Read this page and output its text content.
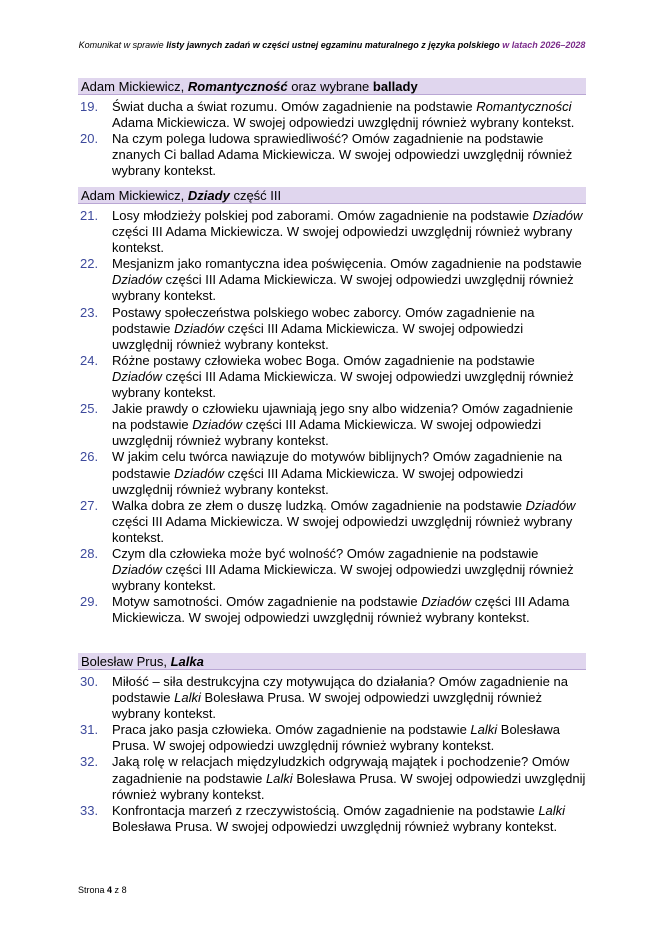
Komunikat w sprawie listy jawnych zadań w części ustnej egzaminu maturalnego z języka polskiego w latach 2026–2028
Adam Mickiewicz, Romantyczność oraz wybrane ballady
19.	Świat ducha a świat rozumu. Omów zagadnienie na podstawie Romantyczności Adama Mickiewicza. W swojej odpowiedzi uwzględnij również wybrany kontekst.
20.	Na czym polega ludowa sprawiedliwość? Omów zagadnienie na podstawie znanych Ci ballad Adama Mickiewicza. W swojej odpowiedzi uwzględnij również wybrany kontekst.
Adam Mickiewicz, Dziady część III
21.	Losy młodzieży polskiej pod zaborami. Omów zagadnienie na podstawie Dziadów części III Adama Mickiewicza. W swojej odpowiedzi uwzględnij również wybrany kontekst.
22.	Mesjanizm jako romantyczna idea poświęcenia. Omów zagadnienie na podstawie Dziadów części III Adama Mickiewicza. W swojej odpowiedzi uwzględnij również wybrany kontekst.
23.	Postawy społeczeństwa polskiego wobec zaborcy. Omów zagadnienie na podstawie Dziadów części III Adama Mickiewicza. W swojej odpowiedzi uwzględnij również wybrany kontekst.
24.	Różne postawy człowieka wobec Boga. Omów zagadnienie na podstawie Dziadów części III Adama Mickiewicza. W swojej odpowiedzi uwzględnij również wybrany kontekst.
25.	Jakie prawdy o człowieku ujawniają jego sny albo widzenia? Omów zagadnienie na podstawie Dziadów części III Adama Mickiewicza. W swojej odpowiedzi uwzględnij również wybrany kontekst.
26.	W jakim celu twórca nawiązuje do motywów biblijnych? Omów zagadnienie na podstawie Dziadów części III Adama Mickiewicza. W swojej odpowiedzi uwzględnij również wybrany kontekst.
27.	Walka dobra ze złem o duszę ludzką. Omów zagadnienie na podstawie Dziadów części III Adama Mickiewicza. W swojej odpowiedzi uwzględnij również wybrany kontekst.
28.	Czym dla człowieka może być wolność? Omów zagadnienie na podstawie Dziadów części III Adama Mickiewicza. W swojej odpowiedzi uwzględnij również wybrany kontekst.
29.	Motyw samotności. Omów zagadnienie na podstawie Dziadów części III Adama Mickiewicza. W swojej odpowiedzi uwzględnij również wybrany kontekst.
Bolesław Prus, Lalka
30.	Miłość – siła destrukcyjna czy motywująca do działania? Omów zagadnienie na podstawie Lalki Bolesława Prusa. W swojej odpowiedzi uwzględnij również wybrany kontekst.
31.	Praca jako pasja człowieka. Omów zagadnienie na podstawie Lalki Bolesława Prusa. W swojej odpowiedzi uwzględnij również wybrany kontekst.
32.	Jaką rolę w relacjach międzyludzkich odgrywają majątek i pochodzenie? Omów zagadnienie na podstawie Lalki Bolesława Prusa. W swojej odpowiedzi uwzględnij również wybrany kontekst.
33.	Konfrontacja marzeń z rzeczywistością. Omów zagadnienie na podstawie Lalki Bolesława Prusa. W swojej odpowiedzi uwzględnij również wybrany kontekst.
Strona 4 z 8
